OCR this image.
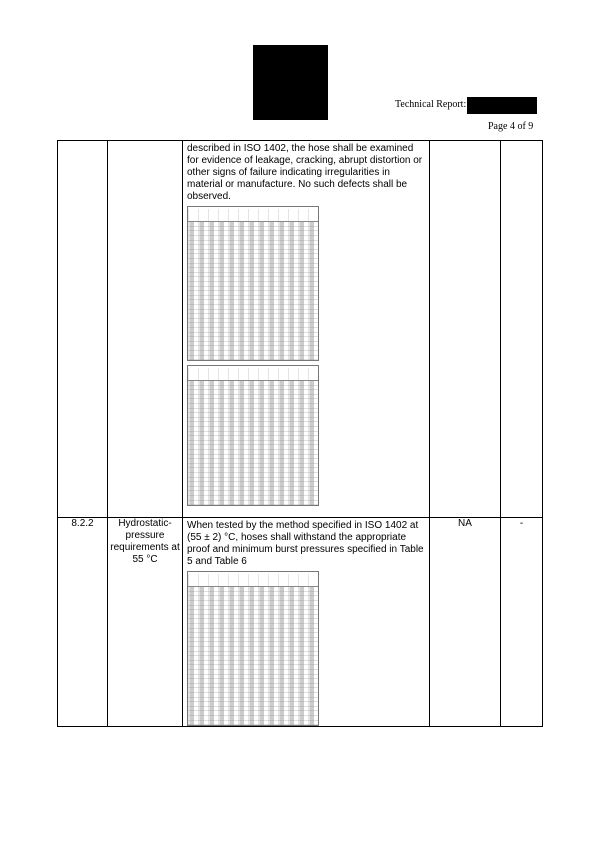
Technical Report:
Page 4 of 9

		described in ISO 1402, the hose shall be examined for evidence of leakage, cracking, abrupt distortion or other signs of failure indicating irregularities in material or manufacture. No such defects shall be observed.		

8.2.2	Hydrostatic-pressure requirements at 55 °C	When tested by the method specified in ISO 1402 at (55 ± 2) °C, hoses shall withstand the appropriate proof and minimum burst pressures specified in Table 5 and Table 6	NA	-
